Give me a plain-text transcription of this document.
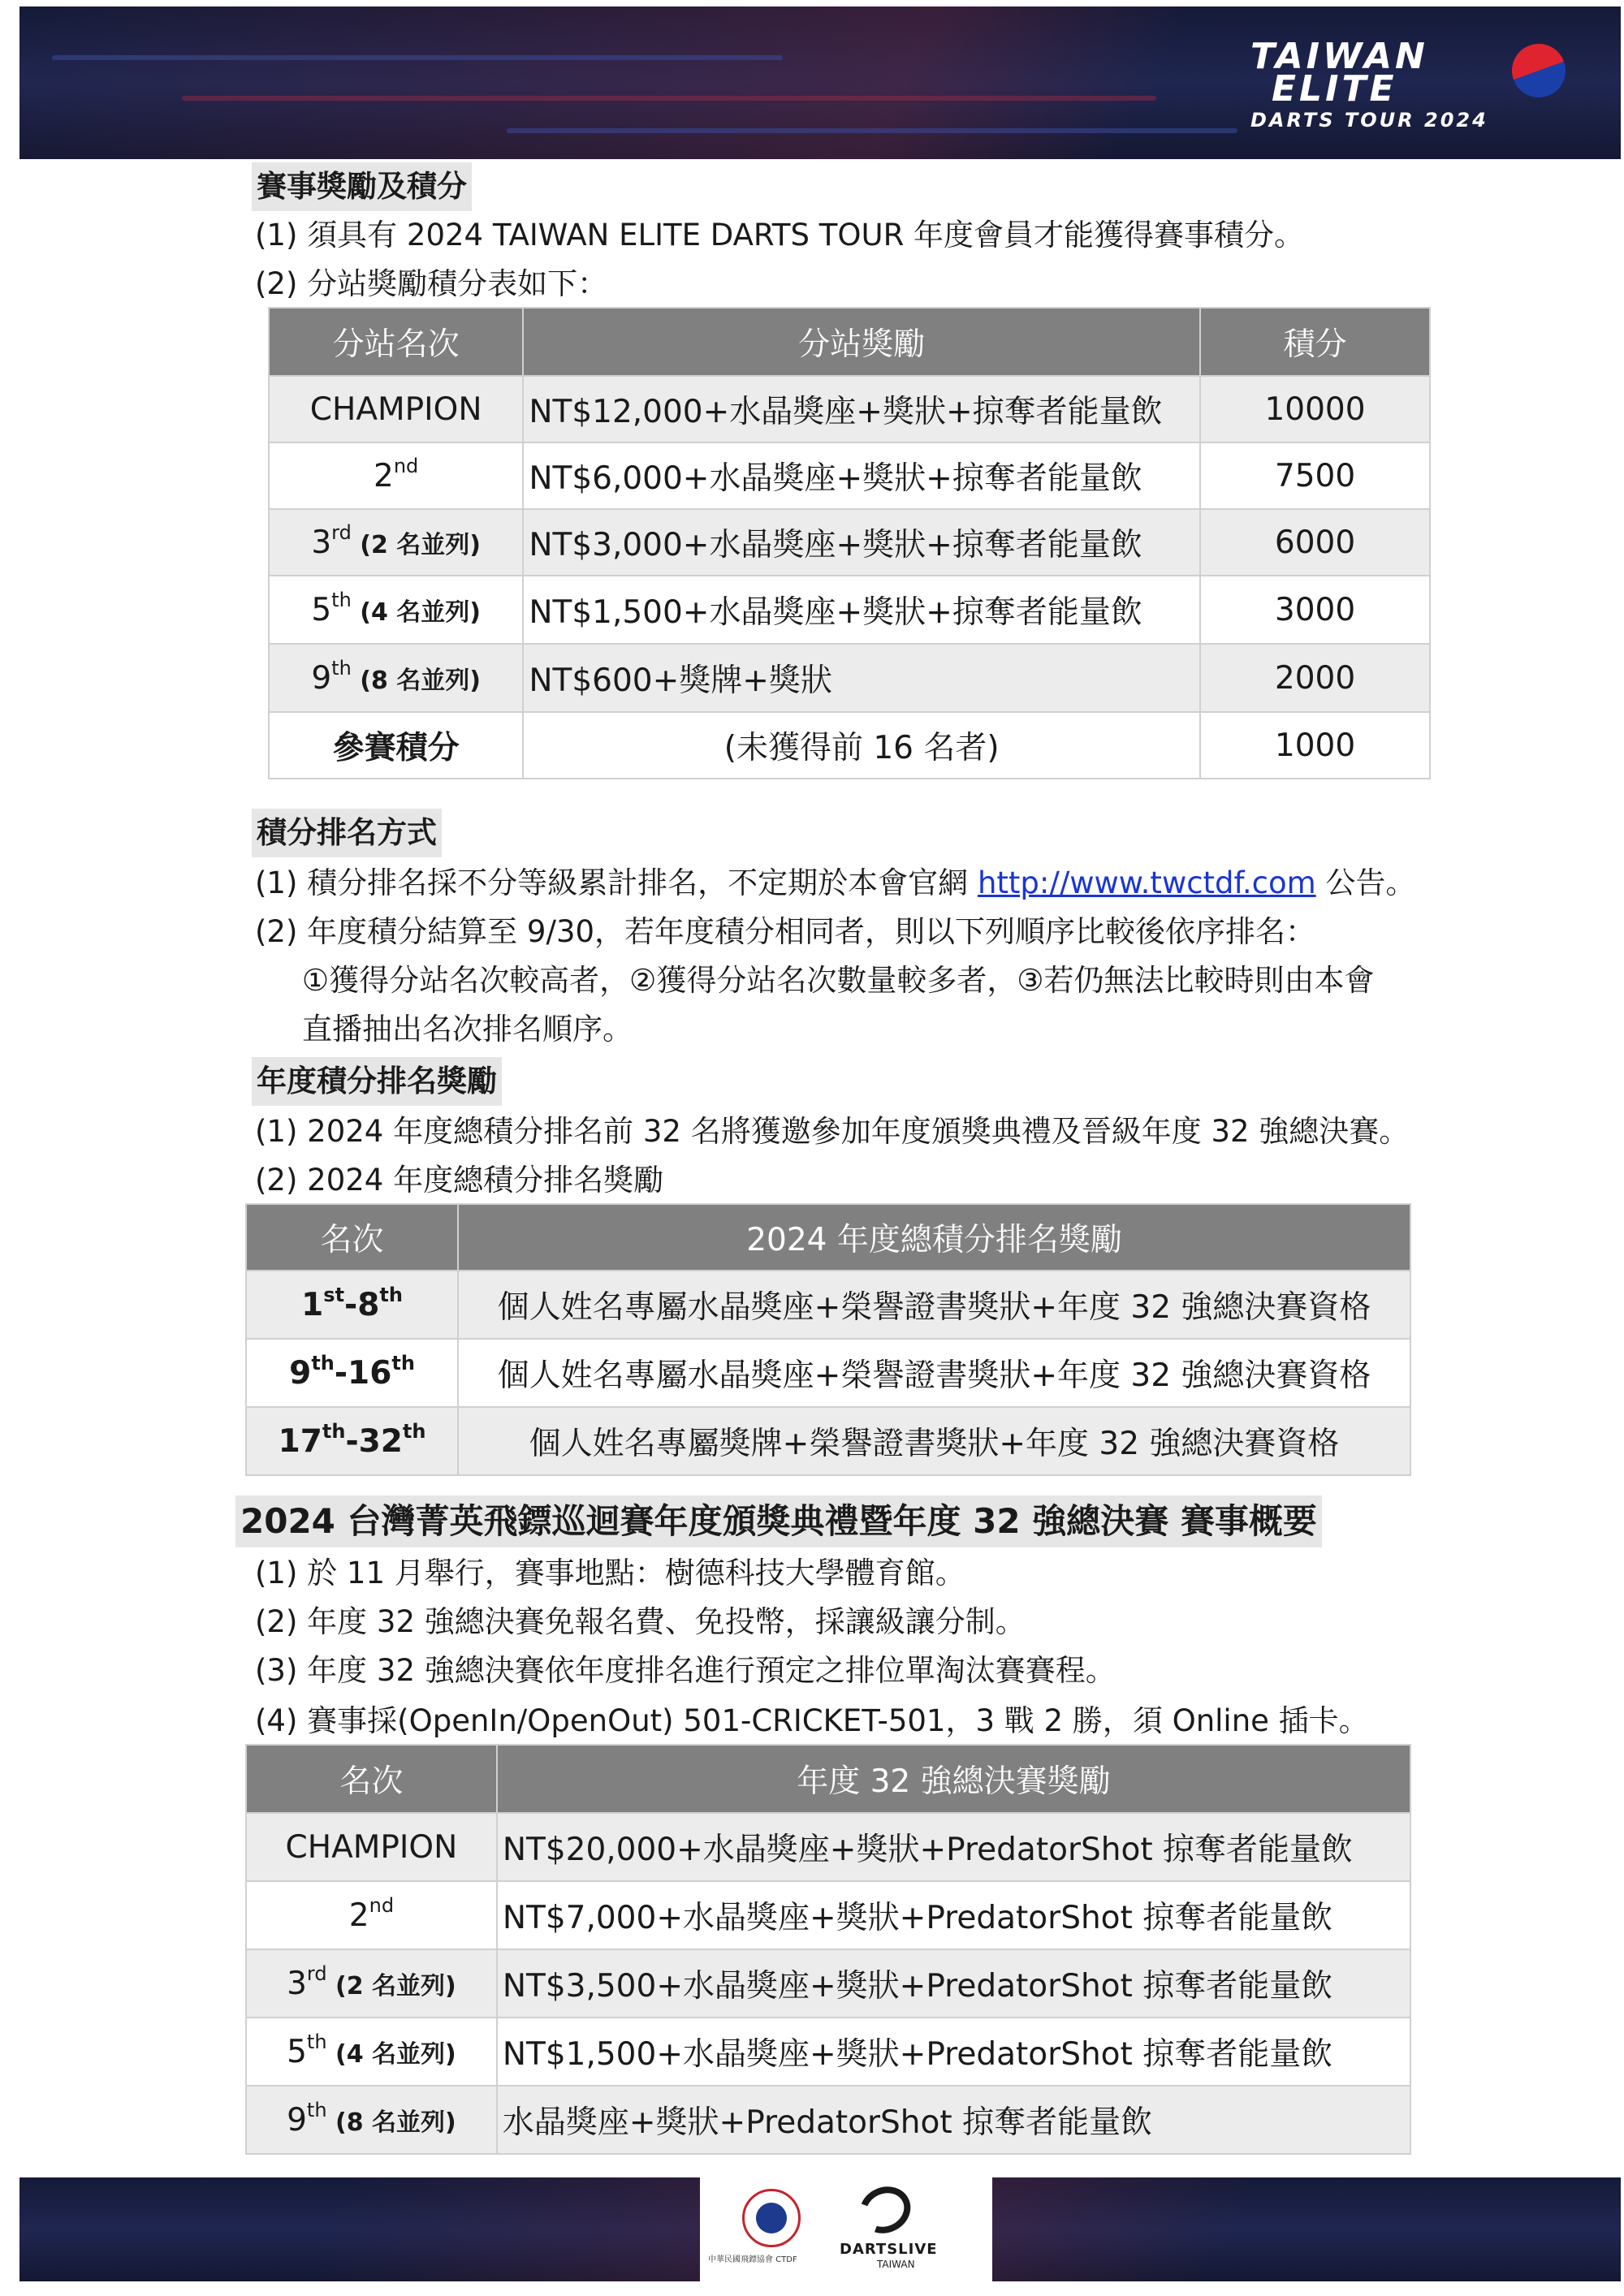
TAIWAN
ELITE
DARTS TOUR 2024
賽事獎勵及積分
(1) 須具有 2024 TAIWAN ELITE DARTS TOUR 年度會員才能獲得賽事積分。
(2) 分站獎勵積分表如下：
分站名次	分站獎勵	積分
CHAMPION	NT$12,000+水晶獎座+獎狀+掠奪者能量飲	10000
2nd	NT$6,000+水晶獎座+獎狀+掠奪者能量飲	7500
3rd (2 名並列)	NT$3,000+水晶獎座+獎狀+掠奪者能量飲	6000
5th (4 名並列)	NT$1,500+水晶獎座+獎狀+掠奪者能量飲	3000
9th (8 名並列)	NT$600+獎牌+獎狀	2000
參賽積分	(未獲得前 16 名者)	1000
積分排名方式
(1) 積分排名採不分等級累計排名，不定期於本會官網 http://www.twctdf.com 公告。
(2) 年度積分結算至 9/30，若年度積分相同者，則以下列順序比較後依序排名：
①獲得分站名次較高者，②獲得分站名次數量較多者，③若仍無法比較時則由本會
直播抽出名次排名順序。
年度積分排名獎勵
(1) 2024 年度總積分排名前 32 名將獲邀參加年度頒獎典禮及晉級年度 32 強總決賽。
(2) 2024 年度總積分排名獎勵
名次	2024 年度總積分排名獎勵
1st-8th	個人姓名專屬水晶獎座+榮譽證書獎狀+年度 32 強總決賽資格
9th-16th	個人姓名專屬水晶獎座+榮譽證書獎狀+年度 32 強總決賽資格
17th-32th	個人姓名專屬獎牌+榮譽證書獎狀+年度 32 強總決賽資格
2024 台灣菁英飛鏢巡迴賽年度頒獎典禮暨年度 32 強總決賽 賽事概要
(1) 於 11 月舉行，賽事地點：樹德科技大學體育館。
(2) 年度 32 強總決賽免報名費、免投幣，採讓級讓分制。
(3) 年度 32 強總決賽依年度排名進行預定之排位單淘汰賽賽程。
(4) 賽事採(OpenIn/OpenOut) 501-CRICKET-501，3 戰 2 勝，須 Online 插卡。
名次	年度 32 強總決賽獎勵
CHAMPION	NT$20,000+水晶獎座+獎狀+PredatorShot 掠奪者能量飲
2nd	NT$7,000+水晶獎座+獎狀+PredatorShot 掠奪者能量飲
3rd (2 名並列)	NT$3,500+水晶獎座+獎狀+PredatorShot 掠奪者能量飲
5th (4 名並列)	NT$1,500+水晶獎座+獎狀+PredatorShot 掠奪者能量飲
9th (8 名並列)	水晶獎座+獎狀+PredatorShot 掠奪者能量飲
中華民國飛鏢協會 CTDF
DARTSLIVE
TAIWAN
